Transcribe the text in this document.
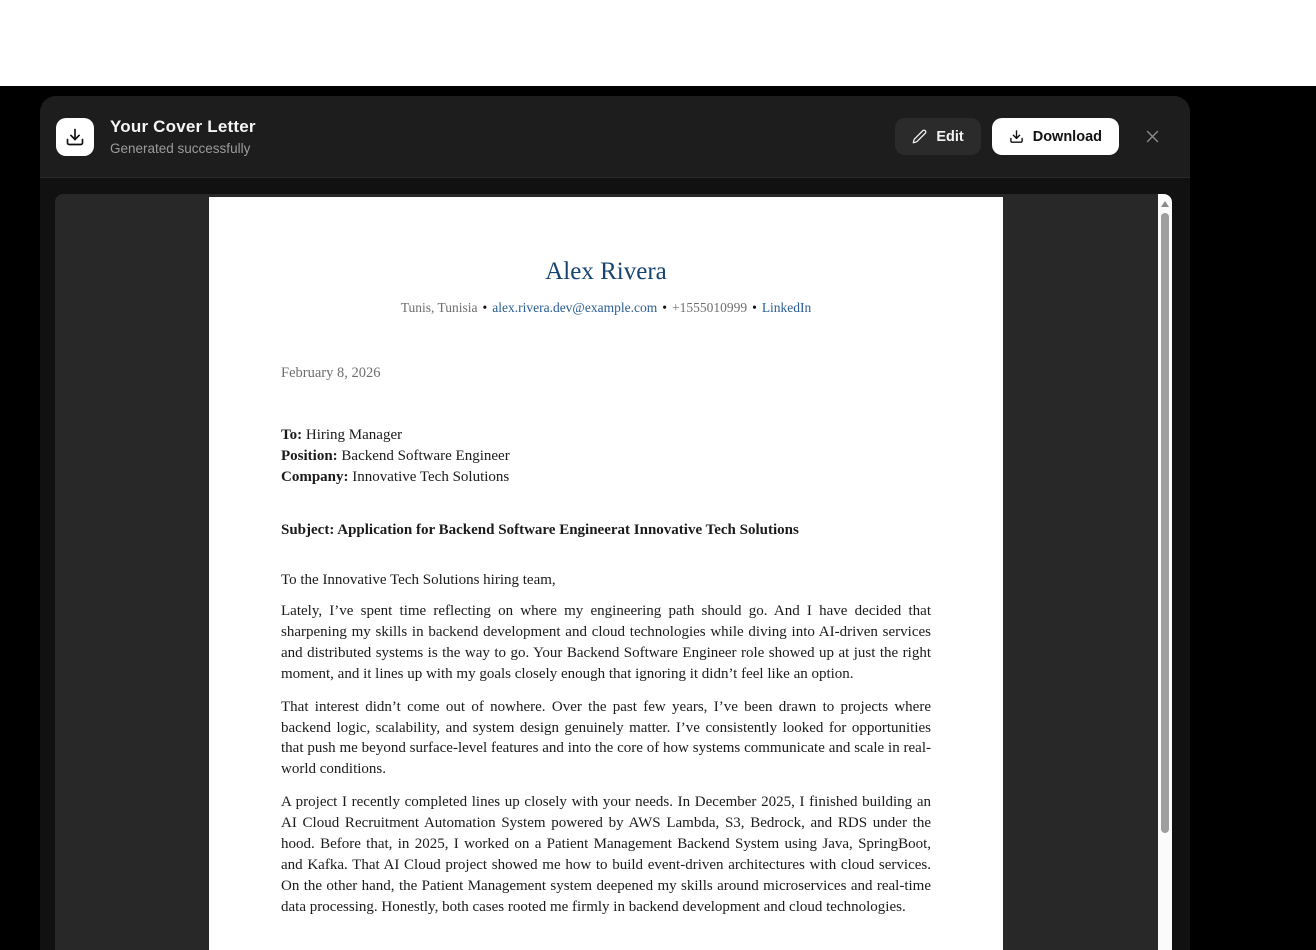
Your Cover Letter
Generated successfully
Edit	Download
Alex Rivera
Tunis, Tunisia • alex.rivera.dev@example.com • +1555010999 • LinkedIn
February 8, 2026
To: Hiring Manager
Position: Backend Software Engineer
Company: Innovative Tech Solutions
Subject: Application for Backend Software Engineerat Innovative Tech Solutions
To the Innovative Tech Solutions hiring team,

Lately, I’ve spent time reflecting on where my engineering path should go. And I have decided that sharpening my skills in backend development and cloud technologies while diving into AI-driven services and distributed systems is the way to go. Your Backend Software Engineer role showed up at just the right moment, and it lines up with my goals closely enough that ignoring it didn’t feel like an option.

That interest didn’t come out of nowhere. Over the past few years, I’ve been drawn to projects where backend logic, scalability, and system design genuinely matter. I’ve consistently looked for opportunities that push me beyond surface-level features and into the core of how systems communicate and scale in real-world conditions.

A project I recently completed lines up closely with your needs. In December 2025, I finished building an AI Cloud Recruitment Automation System powered by AWS Lambda, S3, Bedrock, and RDS under the hood. Before that, in 2025, I worked on a Patient Management Backend System using Java, SpringBoot, and Kafka. That AI Cloud project showed me how to build event-driven architectures with cloud services. On the other hand, the Patient Management system deepened my skills around microservices and real-time data processing. Honestly, both cases rooted me firmly in backend development and cloud technologies.
